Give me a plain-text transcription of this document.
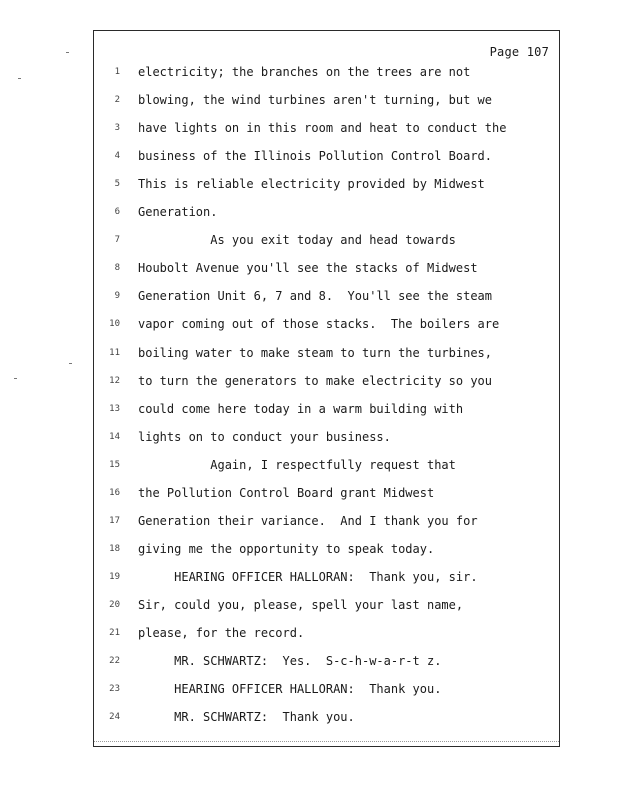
Page 107
1 electricity; the branches on the trees are not
2 blowing, the wind turbines aren't turning, but we
3 have lights on in this room and heat to conduct the
4 business of the Illinois Pollution Control Board.
5 This is reliable electricity provided by Midwest
6 Generation.
7 As you exit today and head towards
8 Houbolt Avenue you'll see the stacks of Midwest
9 Generation Unit 6, 7 and 8.  You'll see the steam
10 vapor coming out of those stacks.  The boilers are
11 boiling water to make steam to turn the turbines,
12 to turn the generators to make electricity so you
13 could come here today in a warm building with
14 lights on to conduct your business.
15 Again, I respectfully request that
16 the Pollution Control Board grant Midwest
17 Generation their variance.  And I thank you for
18 giving me the opportunity to speak today.
19 HEARING OFFICER HALLORAN:  Thank you, sir.
20 Sir, could you, please, spell your last name,
21 please, for the record.
22 MR. SCHWARTZ:  Yes.  S-c-h-w-a-r-t z.
23 HEARING OFFICER HALLORAN:  Thank you.
24 MR. SCHWARTZ:  Thank you.
